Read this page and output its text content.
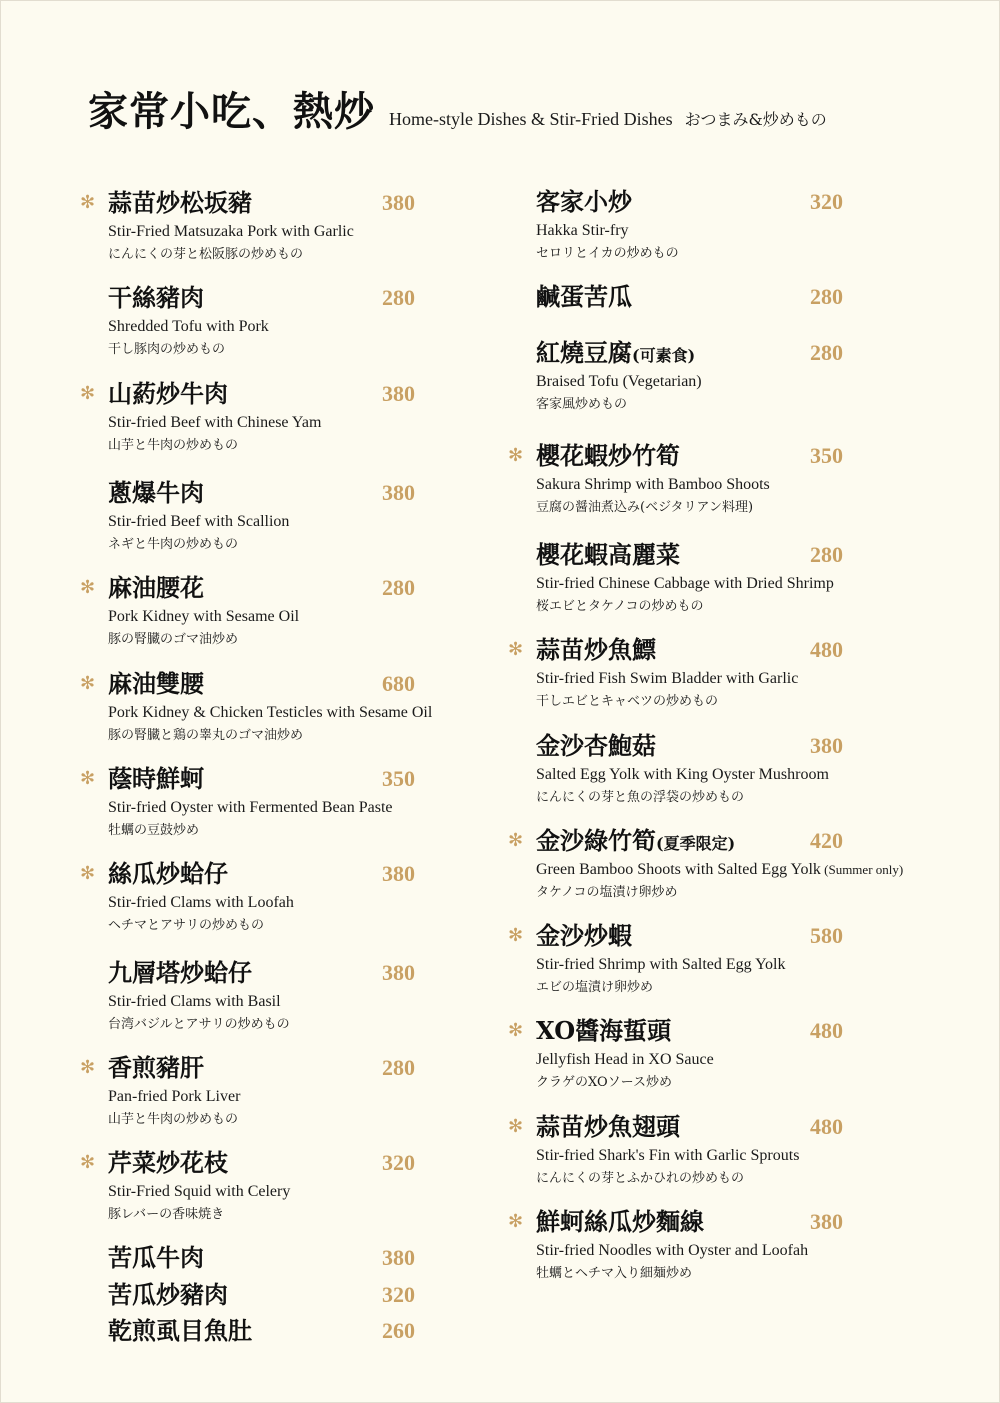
家常小吃、熱炒 Home-style Dishes & Stir-Fried Dishes おつまみ&炒めもの
✻ 蒜苗炒松坂豬	380
Stir-Fried Matsuzaka Pork with Garlic
にんにくの芽と松阪豚の炒めもの
干絲豬肉	280
Shredded Tofu with Pork
干し豚肉の炒めもの
✻ 山葯炒牛肉	380
Stir-fried Beef with Chinese Yam
山芋と牛肉の炒めもの
蔥爆牛肉	380
Stir-fried Beef with Scallion
ネギと牛肉の炒めもの
✻ 麻油腰花	280
Pork Kidney with Sesame Oil
豚の腎臓のゴマ油炒め
✻ 麻油雙腰	680
Pork Kidney & Chicken Testicles with Sesame Oil
豚の腎臓と鶏の睾丸のゴマ油炒め
✻ 蔭時鮮蚵	350
Stir-fried Oyster with Fermented Bean Paste
牡蠣の豆鼓炒め
✻ 絲瓜炒蛤仔	380
Stir-fried Clams with Loofah
ヘチマとアサリの炒めもの
九層塔炒蛤仔	380
Stir-fried Clams with Basil
台湾バジルとアサリの炒めもの
✻ 香煎豬肝	280
Pan-fried Pork Liver
山芋と牛肉の炒めもの
✻ 芹菜炒花枝	320
Stir-Fried Squid with Celery
豚レバーの香味焼き
苦瓜牛肉	380
苦瓜炒豬肉	320
乾煎虱目魚肚	260
客家小炒	320
Hakka Stir-fry
セロリとイカの炒めもの
鹹蛋苦瓜	280
紅燒豆腐(可素食)	280
Braised Tofu (Vegetarian)
客家風炒めもの
✻ 櫻花蝦炒竹筍	350
Sakura Shrimp with Bamboo Shoots
豆腐の醤油煮込み(ベジタリアン料理)
櫻花蝦高麗菜	280
Stir-fried Chinese Cabbage with Dried Shrimp
桜エビとタケノコの炒めもの
✻ 蒜苗炒魚鰾	480
Stir-fried Fish Swim Bladder with Garlic
干しエビとキャベツの炒めもの
金沙杏鮑菇	380
Salted Egg Yolk with King Oyster Mushroom
にんにくの芽と魚の浮袋の炒めもの
✻ 金沙綠竹筍(夏季限定)	420
Green Bamboo Shoots with Salted Egg Yolk (Summer only)
タケノコの塩漬け卵炒め
✻ 金沙炒蝦	580
Stir-fried Shrimp with Salted Egg Yolk
エビの塩漬け卵炒め
✻ XO醬海蜇頭	480
Jellyfish Head in XO Sauce
クラゲのXOソース炒め
✻ 蒜苗炒魚翅頭	480
Stir-fried Shark's Fin with Garlic Sprouts
にんにくの芽とふかひれの炒めもの
✻ 鮮蚵絲瓜炒麵線	380
Stir-fried Noodles with Oyster and Loofah
牡蠣とヘチマ入り細麺炒め
